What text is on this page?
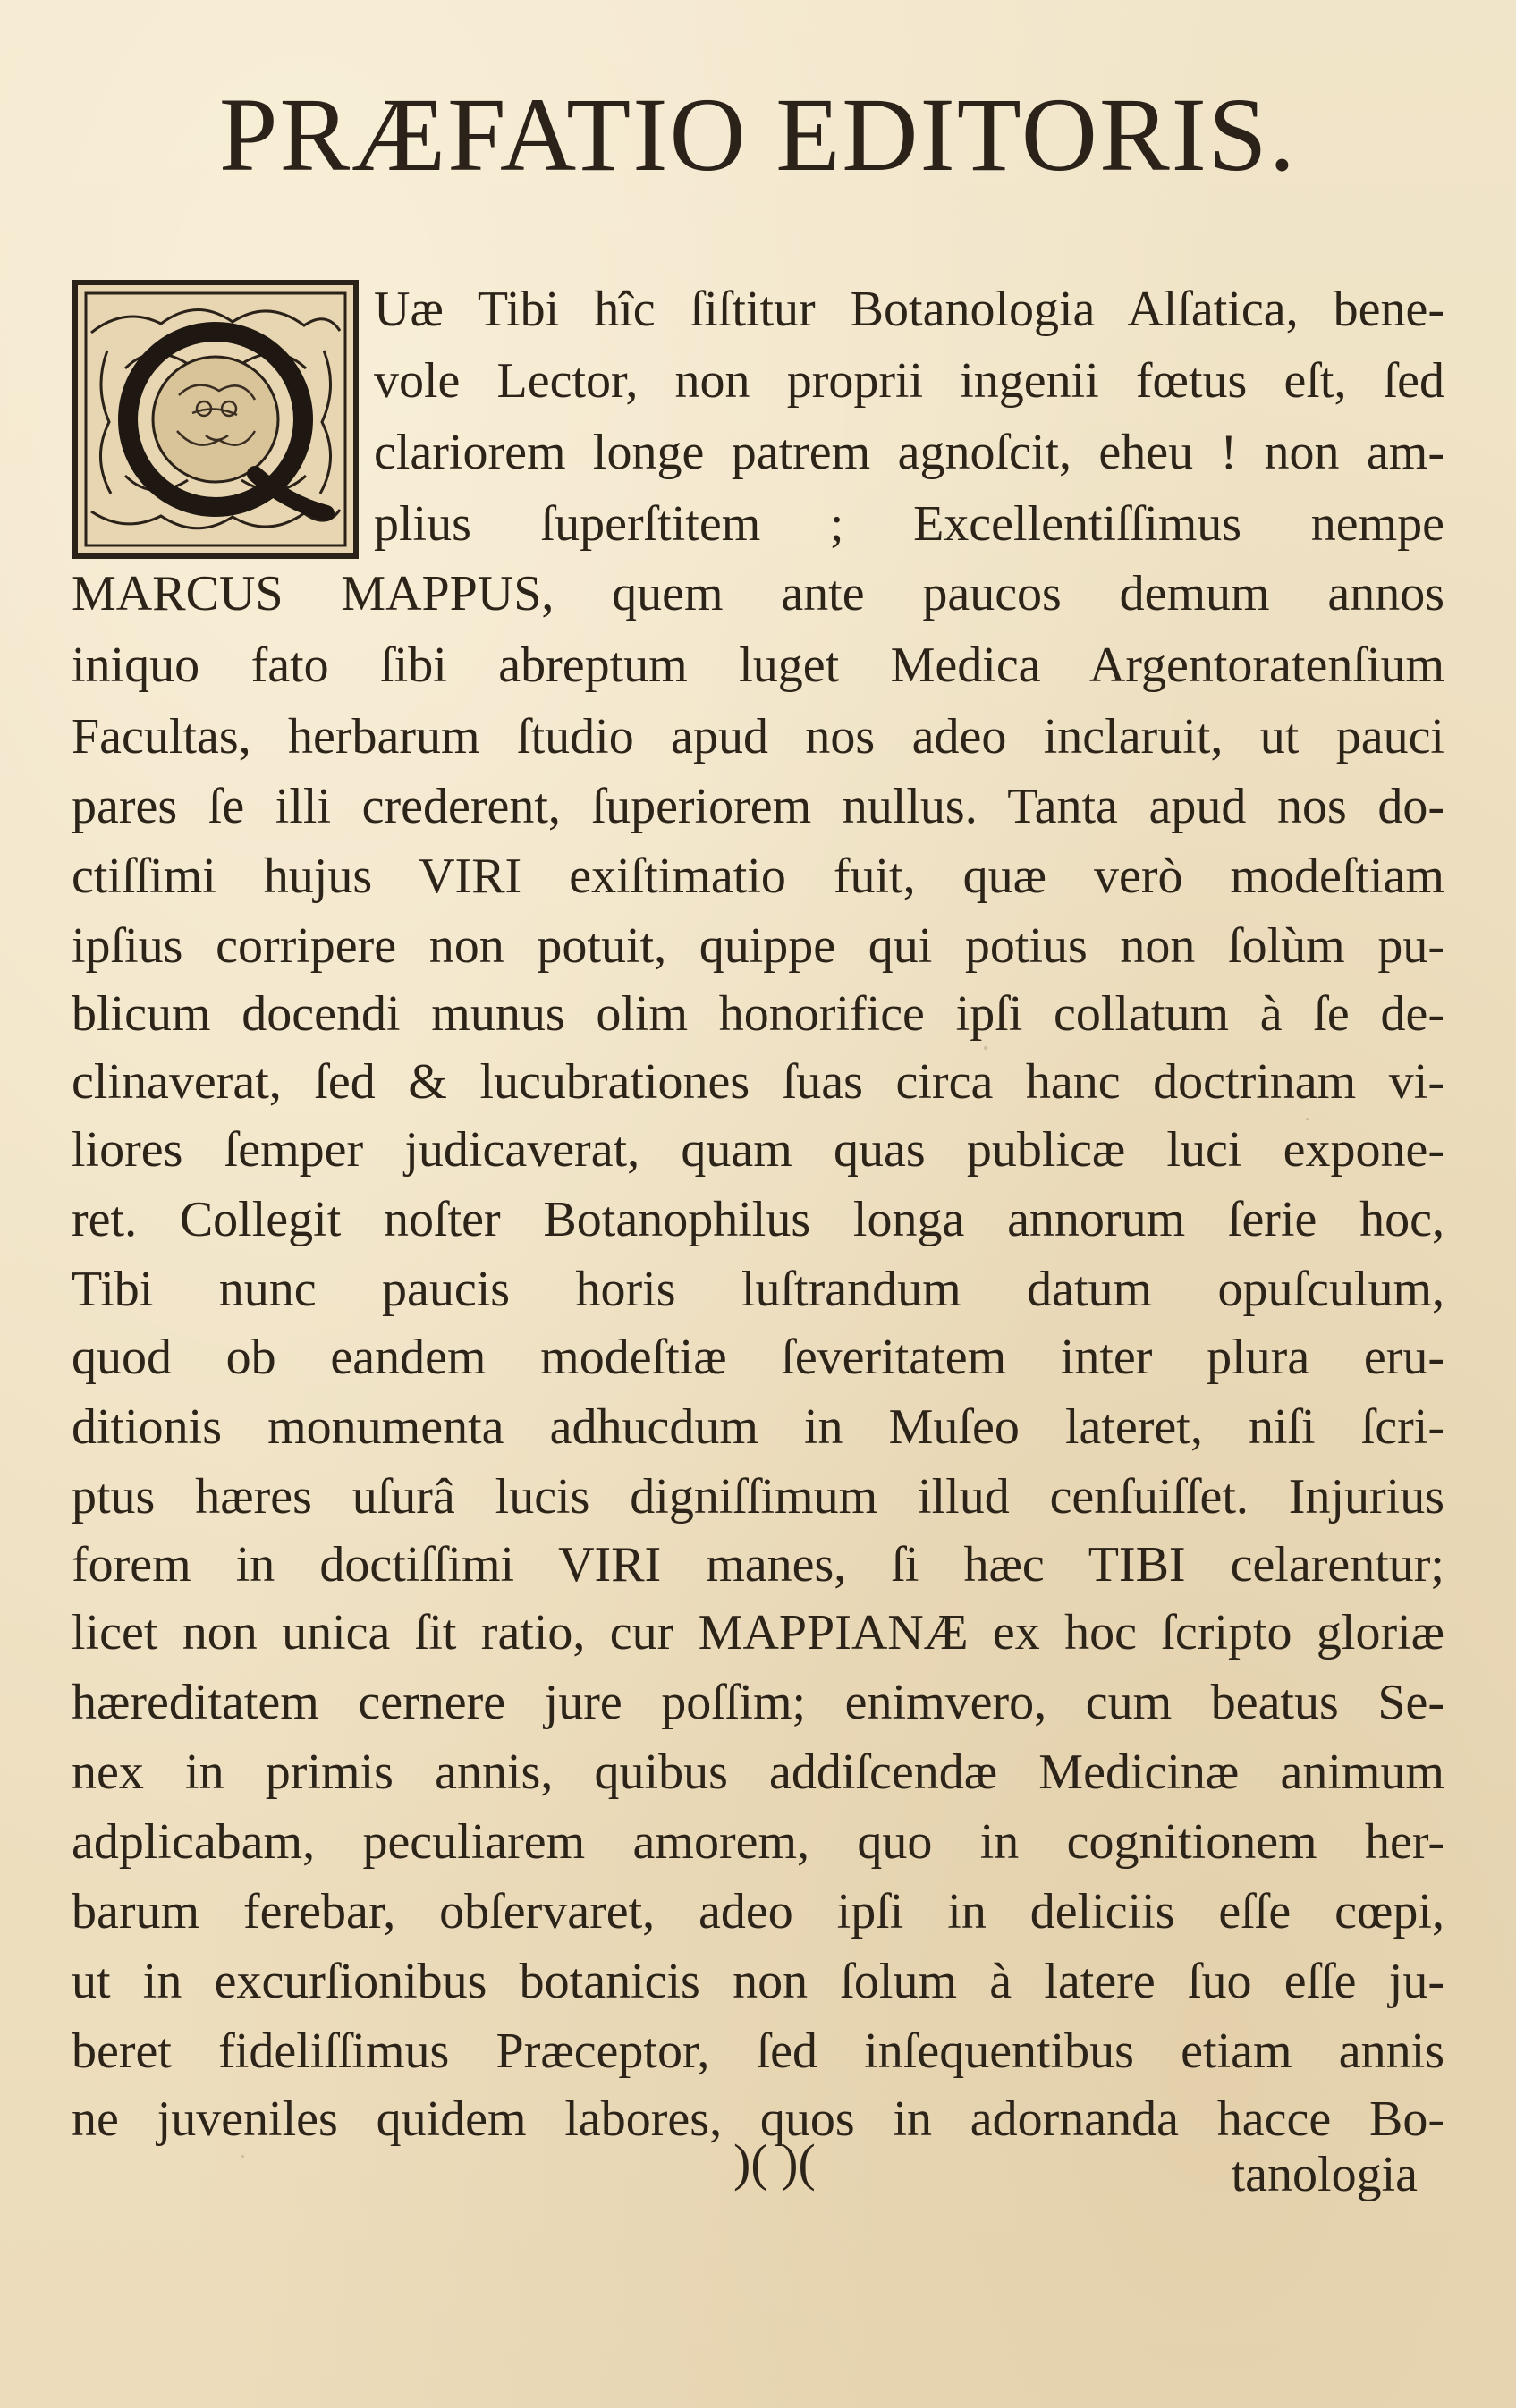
PRÆFATIO EDITORIS.
Uæ Tibi hîc ſiſtitur Botanologia Alſatica, bene-
vole Lector, non proprii ingenii fœtus eſt, ſed
clariorem longe patrem agnoſcit, eheu ! non am-
plius ſuperſtitem ; Excellentiſſimus nempe
MARCUS MAPPUS, quem ante paucos demum annos
iniquo fato ſibi abreptum luget Medica Argentoratenſium
Facultas, herbarum ſtudio apud nos adeo inclaruit, ut pauci
pares ſe illi crederent, ſuperiorem nullus. Tanta apud nos do-
ctiſſimi hujus VIRI exiſtimatio fuit, quæ verò modeſtiam
ipſius corripere non potuit, quippe qui potius non ſolùm pu-
blicum docendi munus olim honorifice ipſi collatum à ſe de-
clinaverat, ſed & lucubrationes ſuas circa hanc doctrinam vi-
liores ſemper judicaverat, quam quas publicæ luci expone-
ret. Collegit noſter Botanophilus longa annorum ſerie hoc,
Tibi nunc paucis horis luſtrandum datum opuſculum,
quod ob eandem modeſtiæ ſeveritatem inter plura eru-
ditionis monumenta adhucdum in Muſeo lateret, niſi ſcri-
ptus hæres uſurâ lucis digniſſimum illud cenſuiſſet. Injurius
forem in doctiſſimi VIRI manes, ſi hæc TIBI celarentur;
licet non unica ſit ratio, cur MAPPIANÆ ex hoc ſcripto gloriæ
hæreditatem cernere jure poſſim; enimvero, cum beatus Se-
nex in primis annis, quibus addiſcendæ Medicinæ animum
adplicabam, peculiarem amorem, quo in cognitionem her-
barum ferebar, obſervaret, adeo ipſi in deliciis eſſe cœpi,
ut in excurſionibus botanicis non ſolum à latere ſuo eſſe ju-
beret fideliſſimus Præceptor, ſed inſequentibus etiam annis
ne juveniles quidem labores, quos in adornanda hacce Bo-
)( )(	tanologia
